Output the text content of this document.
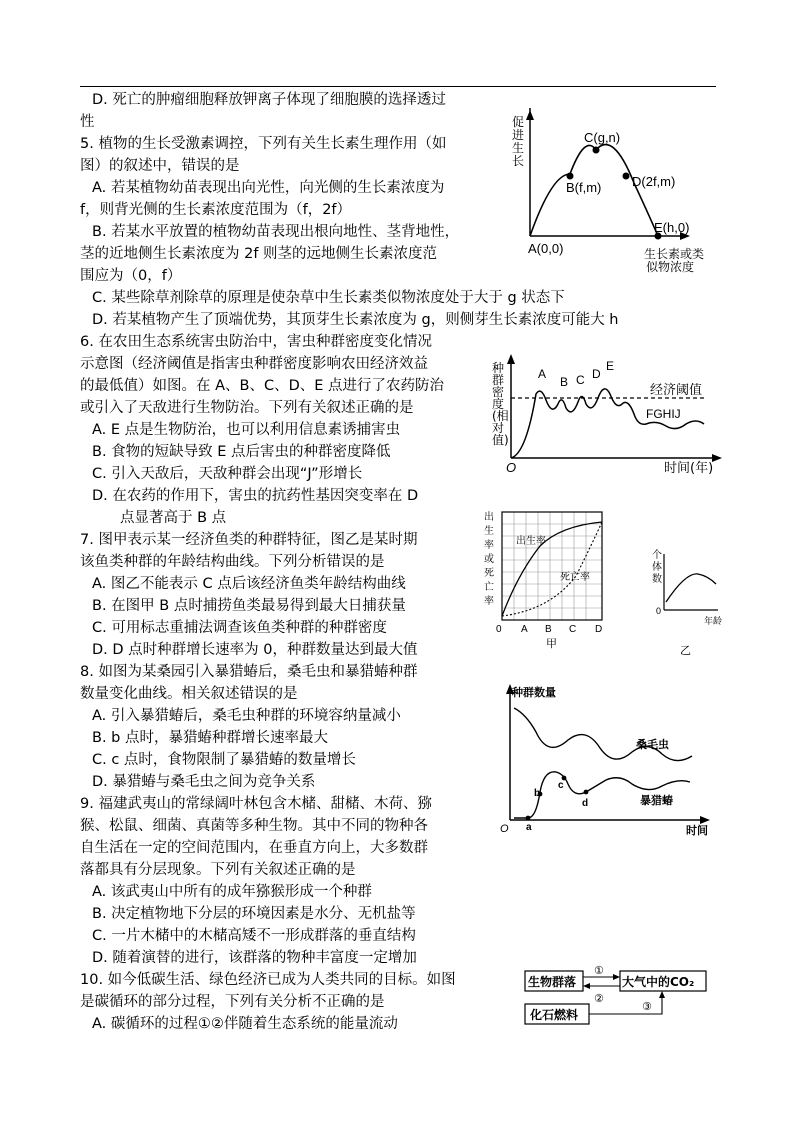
D. 死亡的肿瘤细胞释放钾离子体现了细胞膜的选择透过
性
5. 植物的生长受激素调控，下列有关生长素生理作用（如
图）的叙述中，错误的是
A. 若某植物幼苗表现出向光性，向光侧的生长素浓度为
f，则背光侧的生长素浓度范围为（f，2f）
B. 若某水平放置的植物幼苗表现出根向地性、茎背地性，
茎的近地侧生长素浓度为 2f 则茎的远地侧生长素浓度范
围应为（0，f）
C. 某些除草剂除草的原理是使杂草中生长素类似物浓度处于大于 g 状态下
D. 若某植物产生了顶端优势，其顶芽生长素浓度为 g，则侧芽生长素浓度可能大 h
6. 在农田生态系统害虫防治中，害虫种群密度变化情况
示意图（经济阈值是指害虫种群密度影响农田经济效益
的最低值）如图。在 A、B、C、D、E 点进行了农药防治
或引入了天敌进行生物防治。下列有关叙述正确的是
A. E 点是生物防治，也可以利用信息素诱捕害虫
B. 食物的短缺导致 E 点后害虫的种群密度降低
C. 引入天敌后，天敌种群会出现“J”形增长
D. 在农药的作用下，害虫的抗药性基因突变率在 D
点显著高于 B 点
7. 图甲表示某一经济鱼类的种群特征，图乙是某时期
该鱼类种群的年龄结构曲线。下列分析错误的是
A. 图乙不能表示 C 点后该经济鱼类年龄结构曲线
B. 在图甲 B 点时捕捞鱼类最易得到最大日捕获量
C. 可用标志重捕法调查该鱼类种群的种群密度
D. D 点时种群增长速率为 0，种群数量达到最大值
8. 如图为某桑园引入暴猎蝽后，桑毛虫和暴猎蝽种群
数量变化曲线。相关叙述错误的是
A. 引入暴猎蝽后，桑毛虫种群的环境容纳量减小
B. b 点时，暴猎蝽种群增长速率最大
C. c 点时，食物限制了暴猎蝽的数量增长
D. 暴猎蝽与桑毛虫之间为竞争关系
9. 福建武夷山的常绿阔叶林包含木槠、甜槠、木荷、猕
猴、松鼠、细菌、真菌等多种生物。其中不同的物种各
自生活在一定的空间范围内，在垂直方向上，大多数群
落都具有分层现象。下列有关叙述正确的是
A. 该武夷山中所有的成年猕猴形成一个种群
B. 决定植物地下分层的环境因素是水分、无机盐等
C. 一片木槠中的木槠高矮不一形成群落的垂直结构
D. 随着演替的进行，该群落的物种丰富度一定增加
10. 如今低碳生活、绿色经济已成为人类共同的目标。如图
是碳循环的部分过程，下列有关分析不正确的是
A. 碳循环的过程①②伴随着生态系统的能量流动
促进生长
C(g,n)
B(f,m) D(2f,m)
E(h,0)
A(0,0)	生长素或类
似物浓度
种群密度(相对值)
A
B C D
E
经济阈值
FGHIJ
O	时间(年)
出生率或死亡率
出生率
死亡率
0 A B C D
甲
个体数
0
年龄
乙
种群数量
桑毛虫
暴猎蝽
a
b
c
d
O	时间
生物群落	大气中的CO₂
化石燃料
①
②
③
